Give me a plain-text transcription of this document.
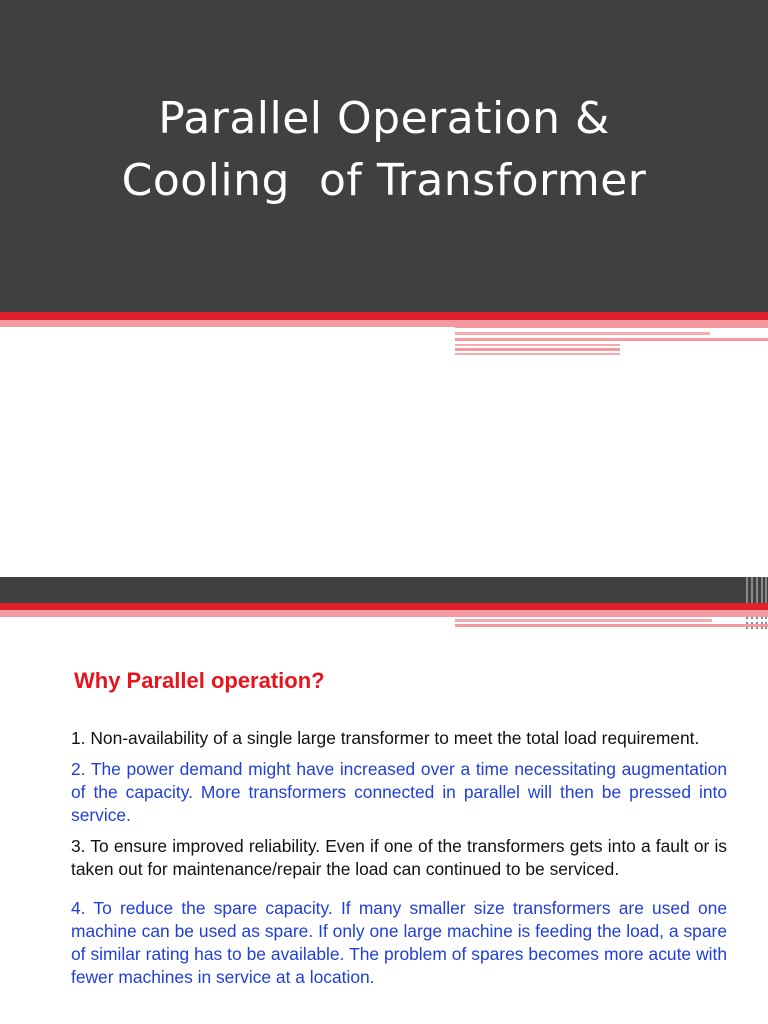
Parallel Operation &
Cooling  of Transformer
Why Parallel operation?

1. Non-availability of a single large transformer to meet the total load requirement.

2. The power demand might have increased over a time necessitating augmentation of the capacity. More transformers connected in parallel will then be pressed into service.

3. To ensure improved reliability. Even if one of the transformers gets into a fault or is taken out for maintenance/repair the load can continued to be serviced.

4. To reduce the spare capacity. If many smaller size transformers are used one machine can be used as spare. If only one large machine is feeding the load, a spare of similar rating has to be available. The problem of spares becomes more acute with fewer machines in service at a location.
